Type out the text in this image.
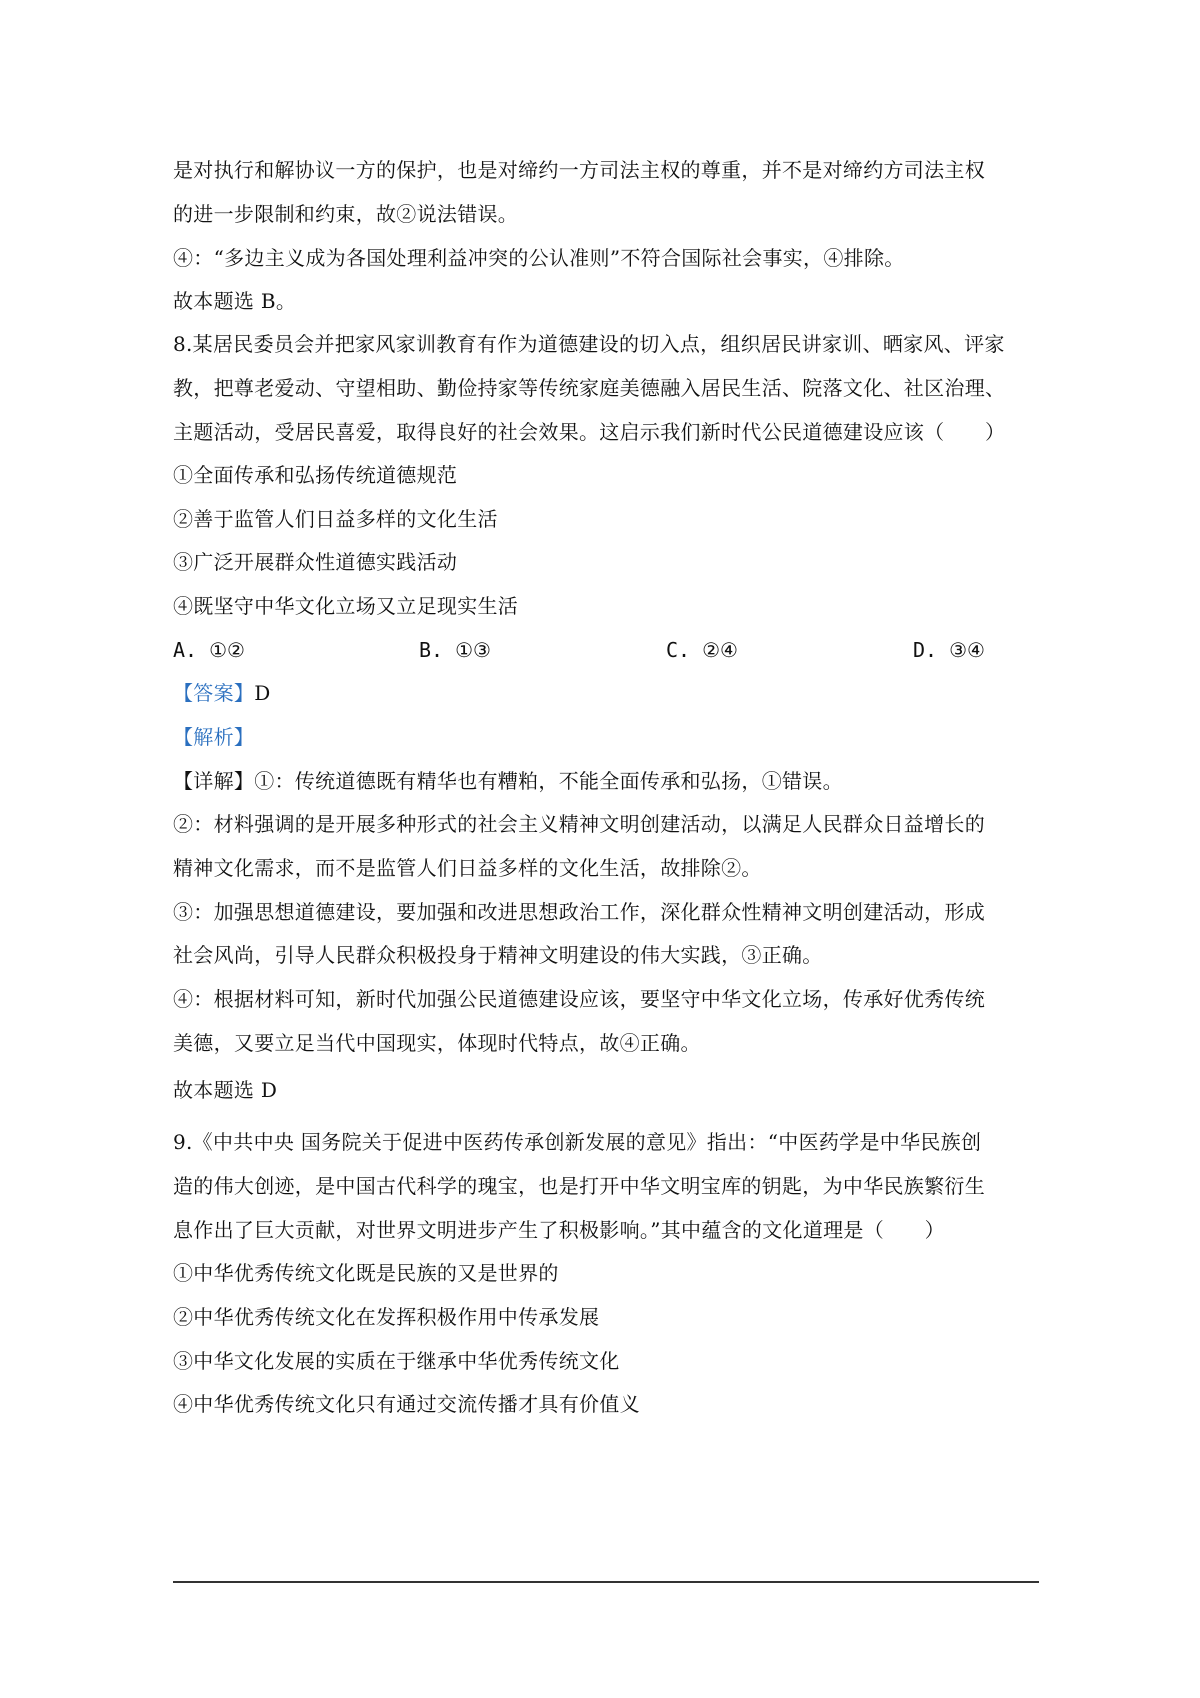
是对执行和解协议一方的保护，也是对缔约一方司法主权的尊重，并不是对缔约方司法主权
的进一步限制和约束，故②说法错误。
④：“多边主义成为各国处理利益冲突的公认准则”不符合国际社会事实，④排除。
故本题选 B。
8.某居民委员会并把家风家训教育有作为道德建设的切入点，组织居民讲家训、晒家风、评家
教，把尊老爱动、守望相助、勤俭持家等传统家庭美德融入居民生活、院落文化、社区治理、
主题活动，受居民喜爱，取得良好的社会效果。这启示我们新时代公民道德建设应该（　　）
①全面传承和弘扬传统道德规范
②善于监管人们日益多样的文化生活
③广泛开展群众性道德实践活动
④既坚守中华文化立场又立足现实生活
A. ①②	B. ①③	C. ②④	D. ③④
【答案】D
【解析】
【详解】①：传统道德既有精华也有糟粕，不能全面传承和弘扬，①错误。
②：材料强调的是开展多种形式的社会主义精神文明创建活动，以满足人民群众日益增长的
精神文化需求，而不是监管人们日益多样的文化生活，故排除②。
③：加强思想道德建设，要加强和改进思想政治工作，深化群众性精神文明创建活动，形成
社会风尚，引导人民群众积极投身于精神文明建设的伟大实践，③正确。
④：根据材料可知，新时代加强公民道德建设应该，要坚守中华文化立场，传承好优秀传统
美德，又要立足当代中国现实，体现时代特点，故④正确。
故本题选 D
9.《中共中央 国务院关于促进中医药传承创新发展的意见》指出：“中医药学是中华民族创
造的伟大创迹，是中国古代科学的瑰宝，也是打开中华文明宝库的钥匙，为中华民族繁衍生
息作出了巨大贡献，对世界文明进步产生了积极影响。”其中蕴含的文化道理是（　　）
①中华优秀传统文化既是民族的又是世界的
②中华优秀传统文化在发挥积极作用中传承发展
③中华文化发展的实质在于继承中华优秀传统文化
④中华优秀传统文化只有通过交流传播才具有价值义
